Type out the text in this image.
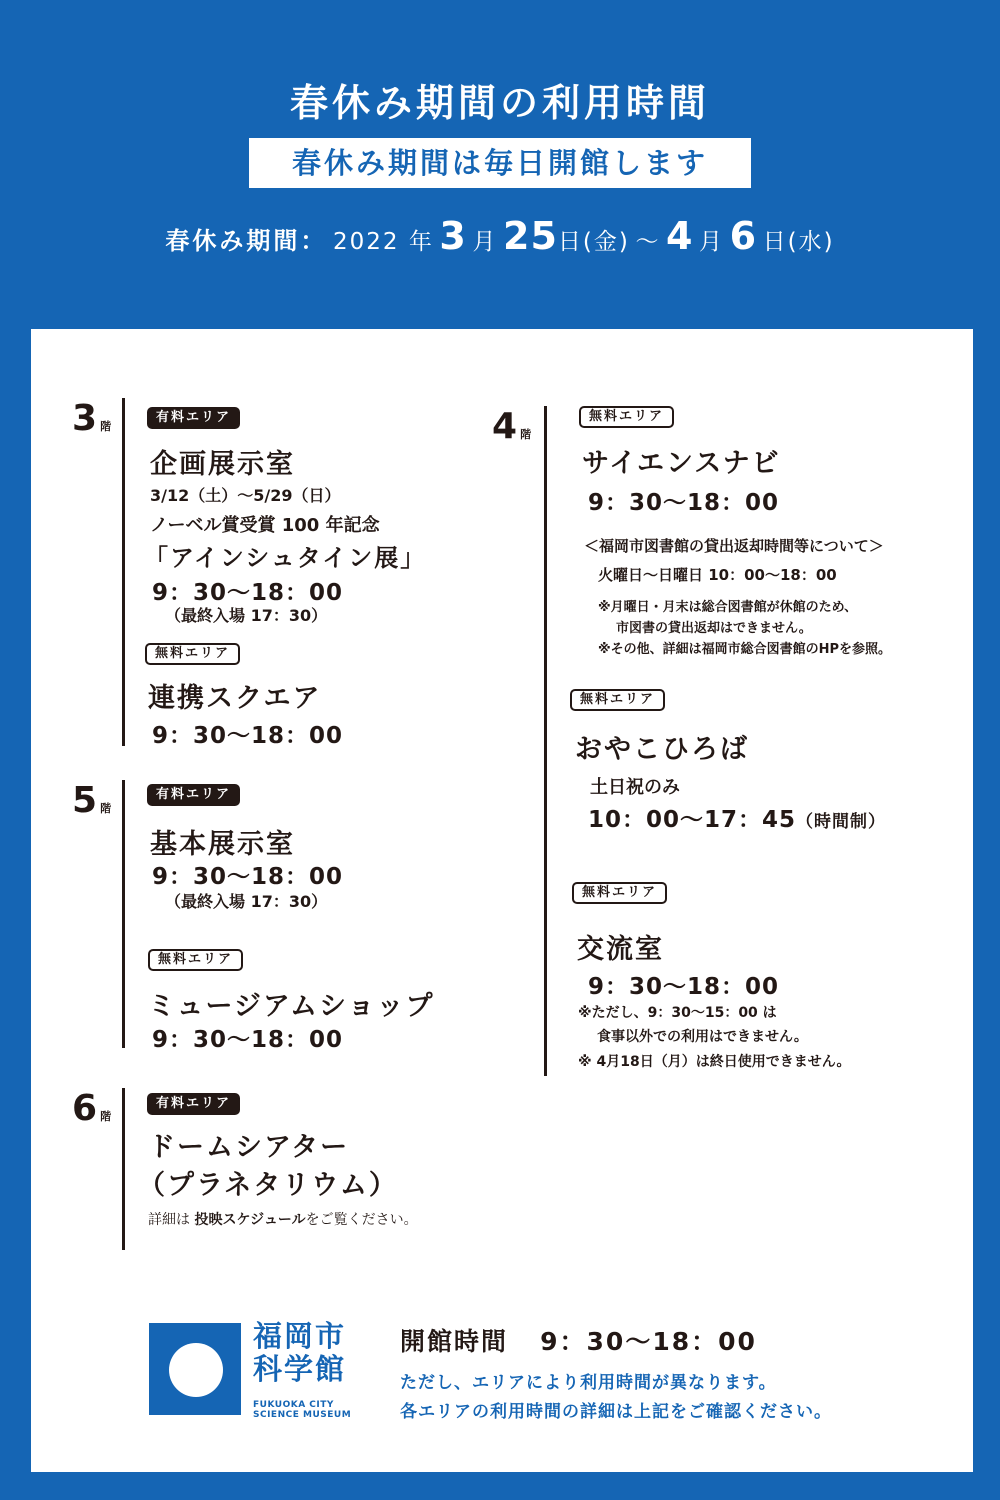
春休み期間の利用時間
春休み期間は毎日開館します
春休み期間： 2022 年 3 月 25日(金) ～ 4 月 6 日(水)
3 階
有料エリア
企画展示室
3/12（土）～5/29（日）
ノーベル賞受賞 100 年記念
「アインシュタイン展」
9：30～18：00
（最終入場 17：30）
無料エリア
連携スクエア
9：30～18：00
5 階
有料エリア
基本展示室
9：30～18：00
（最終入場 17：30）
無料エリア
ミュージアムショップ
9：30～18：00
6 階
有料エリア
ドームシアター
（プラネタリウム）
詳細は 投映スケジュールをご覧ください。
4 階
無料エリア
サイエンスナビ
9：30～18：00
＜福岡市図書館の貸出返却時間等について＞
火曜日～日曜日 10：00～18：00
※月曜日・月末は総合図書館が休館のため、
市図書の貸出返却はできません。
※その他、詳細は福岡市総合図書館のHPを参照。
無料エリア
おやこひろば
土日祝のみ
10：00～17：45（時間制）
無料エリア
交流室
9：30～18：00
※ただし、9：30～15：00 は
食事以外での利用はできません。
※ 4月18日（月）は終日使用できません。
福岡市
科学館
FUKUOKA CITY
SCIENCE MUSEUM
開館時間 9：30～18：00
ただし、エリアにより利用時間が異なります。
各エリアの利用時間の詳細は上記をご確認ください。
